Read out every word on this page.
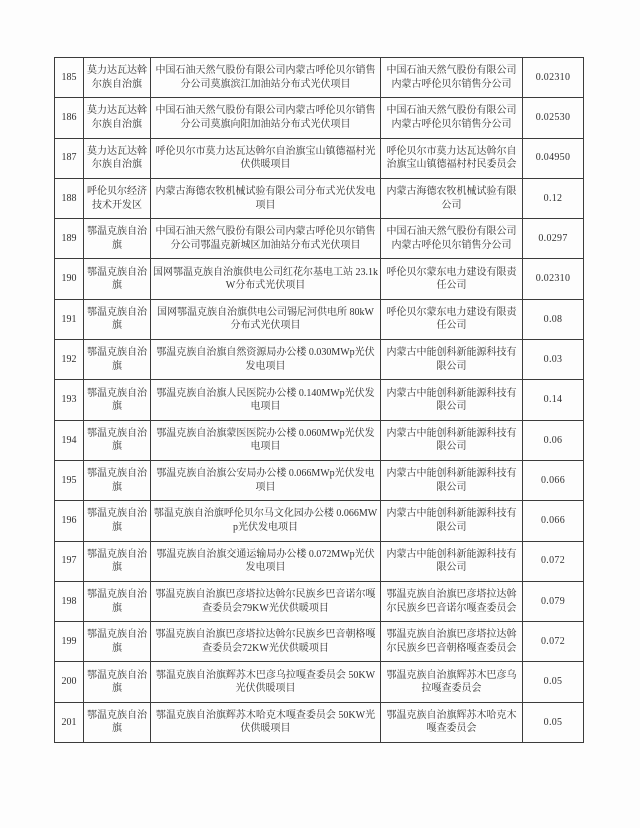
185	莫力达瓦达斡尔族自治旗	中国石油天然气股份有限公司内蒙古呼伦贝尔销售分公司莫旗滨江加油站分布式光伏项目	中国石油天然气股份有限公司内蒙古呼伦贝尔销售分公司	0.02310
186	莫力达瓦达斡尔族自治旗	中国石油天然气股份有限公司内蒙古呼伦贝尔销售分公司莫旗向阳加油站分布式光伏项目	中国石油天然气股份有限公司内蒙古呼伦贝尔销售分公司	0.02530
187	莫力达瓦达斡尔族自治旗	呼伦贝尔市莫力达瓦达斡尔自治旗宝山镇德福村光伏供暖项目	呼伦贝尔市莫力达瓦达斡尔自治旗宝山镇德福村村民委员会	0.04950
188	呼伦贝尔经济技术开发区	内蒙古海德农牧机械试验有限公司分布式光伏发电项目	内蒙古海德农牧机械试验有限公司	0.12
189	鄂温克族自治旗	中国石油天然气股份有限公司内蒙古呼伦贝尔销售分公司鄂温克新城区加油站分布式光伏项目	中国石油天然气股份有限公司内蒙古呼伦贝尔销售分公司	0.0297
190	鄂温克族自治旗	国网鄂温克族自治旗供电公司红花尔基电工站 23.1kW分布式光伏项目	呼伦贝尔蒙东电力建设有限责任公司	0.02310
191	鄂温克族自治旗	国网鄂温克族自治旗供电公司锡尼河供电所 80kW分布式光伏项目	呼伦贝尔蒙东电力建设有限责任公司	0.08
192	鄂温克族自治旗	鄂温克族自治旗自然资源局办公楼 0.030MWp光伏发电项目	内蒙古中能创科新能源科技有限公司	0.03
193	鄂温克族自治旗	鄂温克族自治旗人民医院办公楼 0.140MWp光伏发电项目	内蒙古中能创科新能源科技有限公司	0.14
194	鄂温克族自治旗	鄂温克族自治旗蒙医医院办公楼 0.060MWp光伏发电项目	内蒙古中能创科新能源科技有限公司	0.06
195	鄂温克族自治旗	鄂温克族自治旗公安局办公楼 0.066MWp光伏发电项目	内蒙古中能创科新能源科技有限公司	0.066
196	鄂温克族自治旗	鄂温克族自治旗呼伦贝尔马文化园办公楼 0.066MWp光伏发电项目	内蒙古中能创科新能源科技有限公司	0.066
197	鄂温克族自治旗	鄂温克族自治旗交通运输局办公楼 0.072MWp光伏发电项目	内蒙古中能创科新能源科技有限公司	0.072
198	鄂温克族自治旗	鄂温克族自治旗巴彦塔拉达斡尔民族乡巴音诺尔嘎查委员会79KW光伏供暖项目	鄂温克族自治旗巴彦塔拉达斡尔民族乡巴音诺尔嘎查委员会	0.079
199	鄂温克族自治旗	鄂温克族自治旗巴彦塔拉达斡尔民族乡巴音朝格嘎查委员会72KW光伏供暖项目	鄂温克族自治旗巴彦塔拉达斡尔民族乡巴音朝格嘎查委员会	0.072
200	鄂温克族自治旗	鄂温克族自治旗辉苏木巴彦乌拉嘎查委员会 50KW光伏供暖项目	鄂温克族自治旗辉苏木巴彦乌拉嘎查委员会	0.05
201	鄂温克族自治旗	鄂温克族自治旗辉苏木哈克木嘎查委员会 50KW光伏供暖项目	鄂温克族自治旗辉苏木哈克木嘎查委员会	0.05
